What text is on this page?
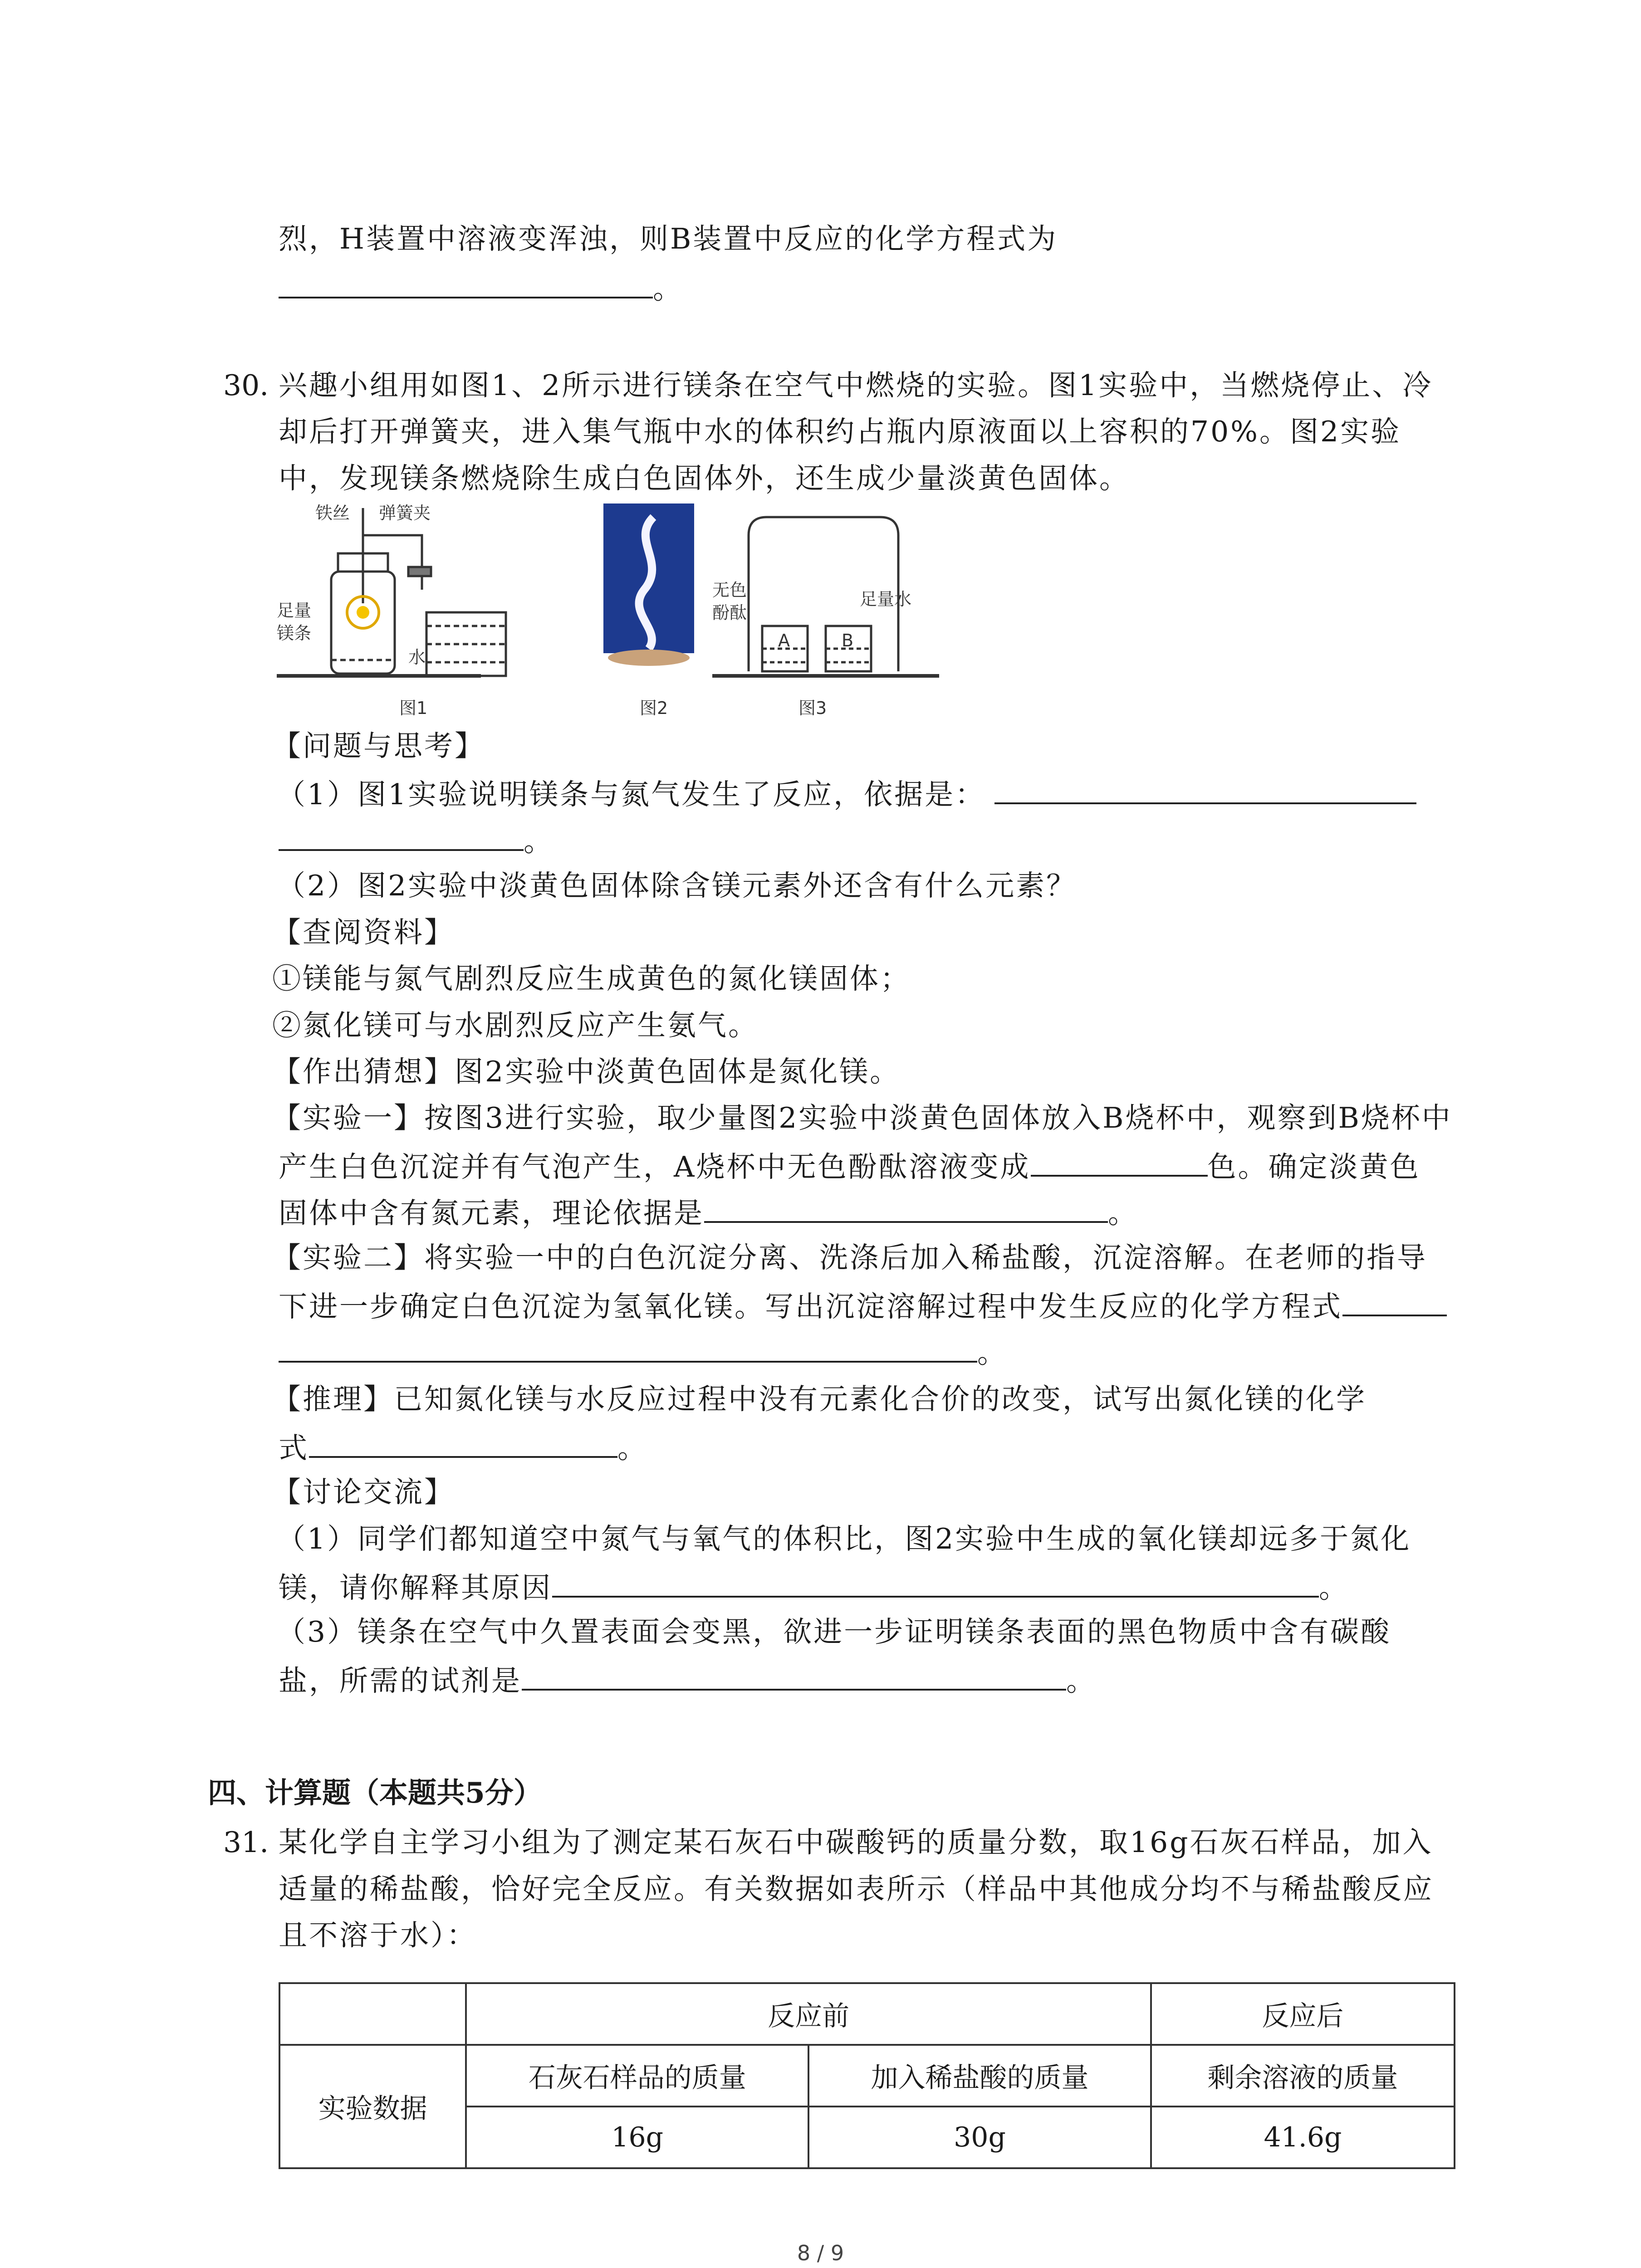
烈，H装置中溶液变浑浊，则B装置中反应的化学方程式为
。
30. 兴趣小组用如图1、2所示进行镁条在空气中燃烧的实验。图1实验中，当燃烧停止、冷
却后打开弹簧夹，进入集气瓶中水的体积约占瓶内原液面以上容积的70%。图2实验
中，发现镁条燃烧除生成白色固体外，还生成少量淡黄色固体。
铁丝 弹簧夹
足量
镁条
水
图1	图2
无色
酚酞
足量水
A	B
图3
【问题与思考】
（1）图1实验说明镁条与氮气发生了反应，依据是：
。
（2）图2实验中淡黄色固体除含镁元素外还含有什么元素？
【查阅资料】
①镁能与氮气剧烈反应生成黄色的氮化镁固体；
②氮化镁可与水剧烈反应产生氨气。
【作出猜想】图2实验中淡黄色固体是氮化镁。
【实验一】按图3进行实验，取少量图2实验中淡黄色固体放入B烧杯中，观察到B烧杯中
产生白色沉淀并有气泡产生，A烧杯中无色酚酞溶液变成	色。确定淡黄色
固体中含有氮元素，理论依据是	。
【实验二】将实验一中的白色沉淀分离、洗涤后加入稀盐酸，沉淀溶解。在老师的指导
下进一步确定白色沉淀为氢氧化镁。写出沉淀溶解过程中发生反应的化学方程式
。
【推理】已知氮化镁与水反应过程中没有元素化合价的改变，试写出氮化镁的化学
式	。
【讨论交流】
（1）同学们都知道空中氮气与氧气的体积比，图2实验中生成的氧化镁却远多于氮化
镁，请你解释其原因	。
（3）镁条在空气中久置表面会变黑，欲进一步证明镁条表面的黑色物质中含有碳酸
盐，所需的试剂是	。
四、计算题（本题共5分）
31. 某化学自主学习小组为了测定某石灰石中碳酸钙的质量分数，取16g石灰石样品，加入
适量的稀盐酸，恰好完全反应。有关数据如表所示（样品中其他成分均不与稀盐酸反应
且不溶于水）：
	反应前		反应后
实验数据	石灰石样品的质量	加入稀盐酸的质量	剩余溶液的质量
	16g	30g	41.6g
8 / 9
